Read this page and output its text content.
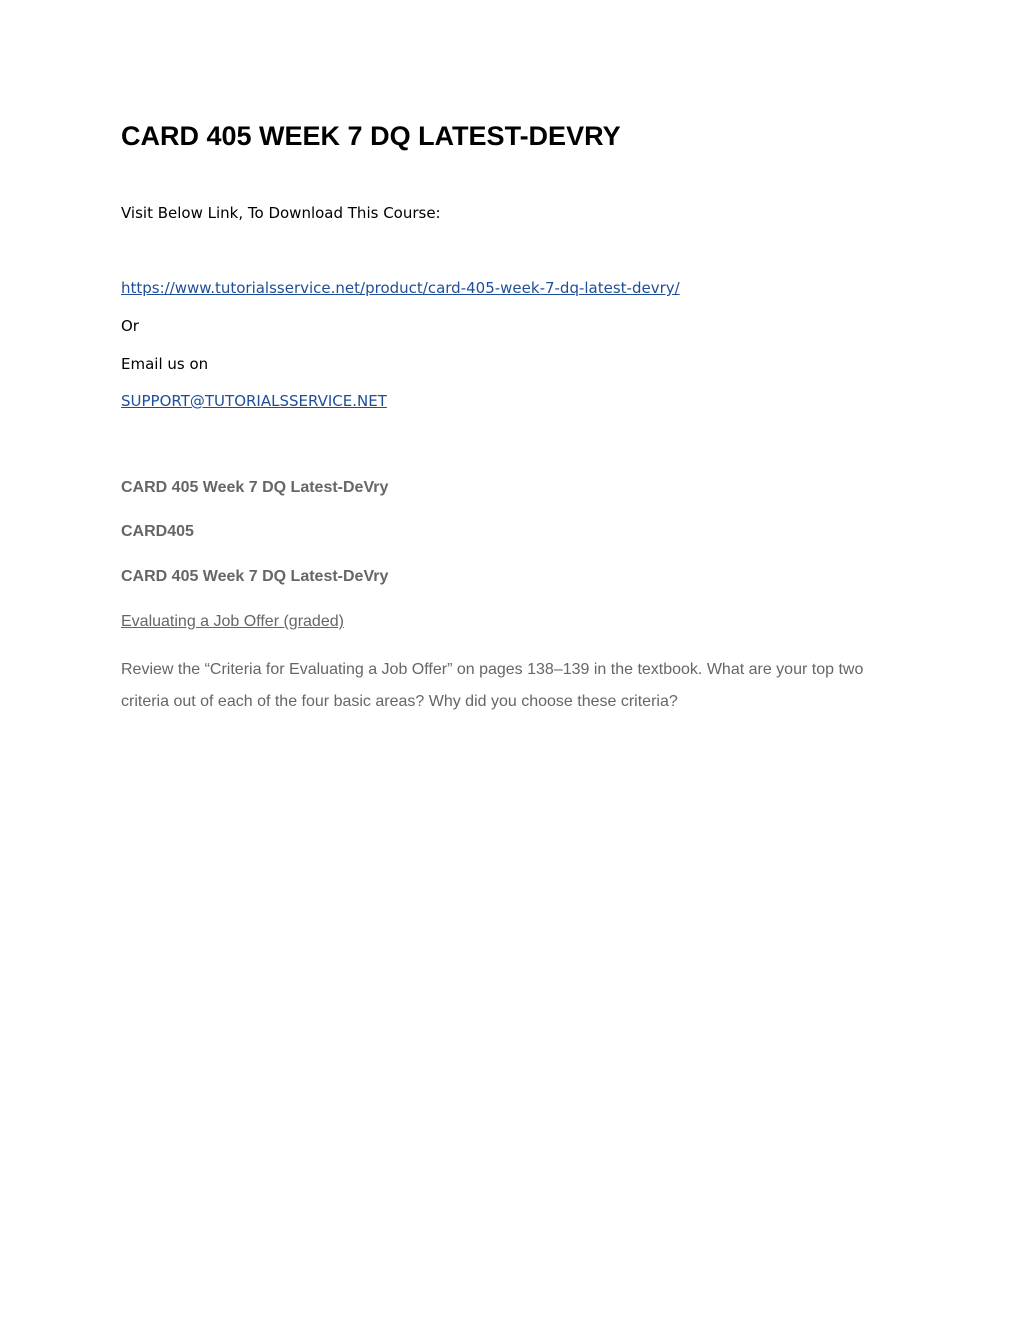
CARD 405 WEEK 7 DQ LATEST-DEVRY
Visit Below Link, To Download This Course:
https://www.tutorialsservice.net/product/card-405-week-7-dq-latest-devry/
Or
Email us on
SUPPORT@TUTORIALSSERVICE.NET
CARD 405 Week 7 DQ Latest-DeVry
CARD405
CARD 405 Week 7 DQ Latest-DeVry
Evaluating a Job Offer (graded)

Review the “Criteria for Evaluating a Job Offer” on pages 138–139 in the textbook. What are your top two criteria out of each of the four basic areas? Why did you choose these criteria?
